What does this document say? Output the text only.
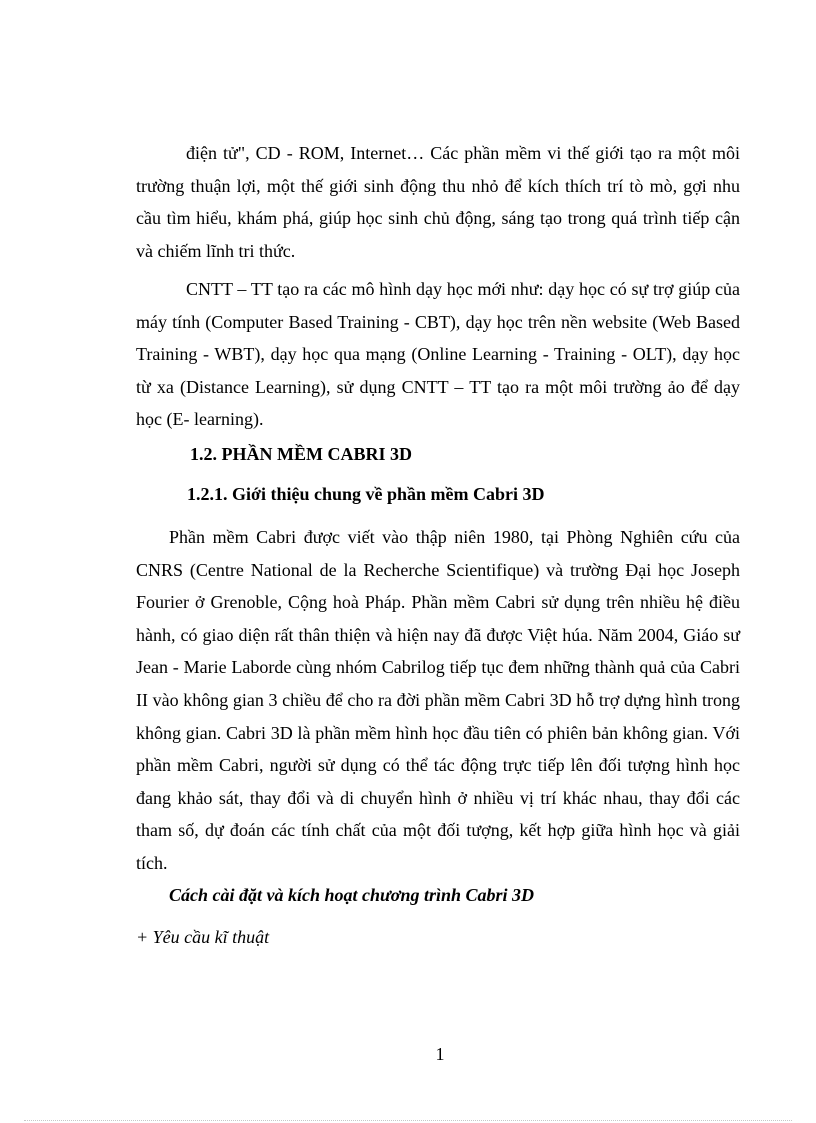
điện tử", CD - ROM, Internet… Các phần mềm vi thế giới tạo ra một môi trường thuận lợi, một thế giới sinh động thu nhỏ để kích thích trí tò mò, gợi nhu cầu tìm hiểu, khám phá, giúp học sinh chủ động, sáng tạo trong quá trình tiếp cận và chiếm lĩnh tri thức.

CNTT – TT tạo ra các mô hình dạy học mới như: dạy học có sự trợ giúp của máy tính (Computer Based Training - CBT), dạy học trên nền website (Web Based Training - WBT), dạy học qua mạng (Online Learning - Training - OLT), dạy học từ xa (Distance Learning), sử dụng CNTT – TT tạo ra một môi trường ảo để dạy học (E- learning).

1.2. PHẦN MỀM CABRI 3D

1.2.1. Giới thiệu chung về phần mềm Cabri 3D

Phần mềm Cabri được viết vào thập niên 1980, tại Phòng Nghiên cứu của CNRS (Centre National de la Recherche Scientifique) và trường Đại học Joseph Fourier ở Grenoble, Cộng hoà Pháp. Phần mềm Cabri sử dụng trên nhiều hệ điều hành, có giao diện rất thân thiện và hiện nay đã được Việt húa. Năm 2004, Giáo sư Jean - Marie Laborde cùng nhóm Cabrilog tiếp tục đem những thành quả của Cabri II vào không gian 3 chiều để cho ra đời phần mềm Cabri 3D hỗ trợ dựng hình trong không gian. Cabri 3D là phần mềm hình học đầu tiên có phiên bản không gian. Với phần mềm Cabri, người sử dụng có thể tác động trực tiếp lên đối tượng hình học đang khảo sát, thay đổi và di chuyển hình ở nhiều vị trí khác nhau, thay đổi các tham số, dự đoán các tính chất của một đối tượng, kết hợp giữa hình học và giải tích.

Cách cài đặt và kích hoạt chương trình Cabri 3D

+ Yêu cầu kĩ thuật

1
